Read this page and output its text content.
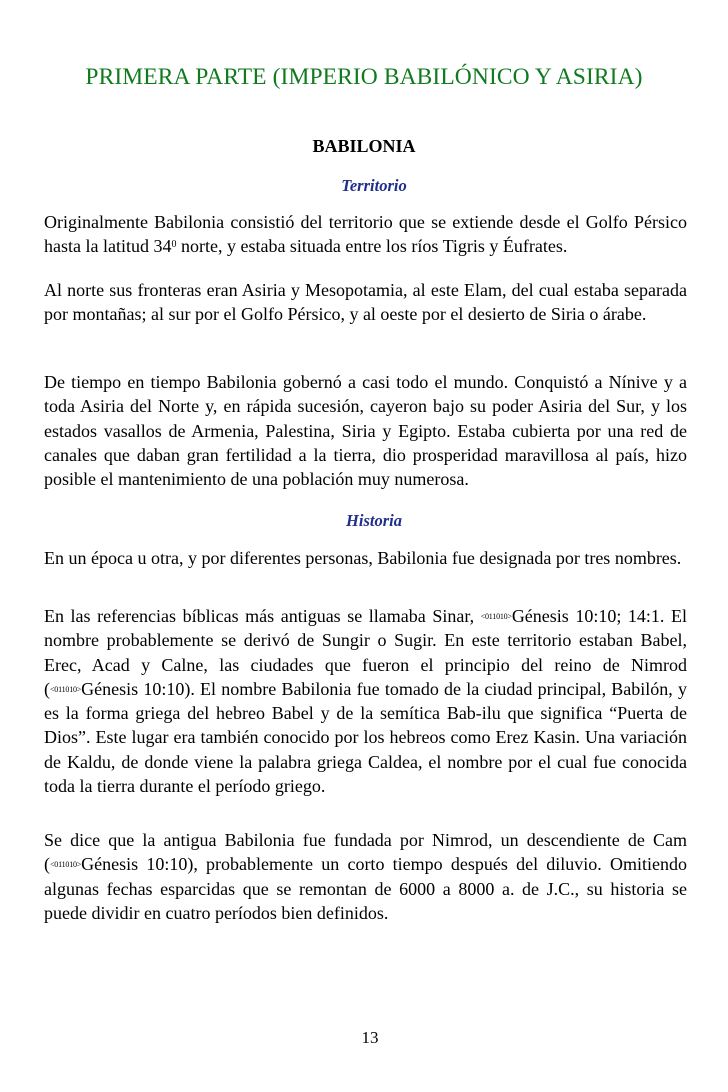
PRIMERA PARTE (IMPERIO BABILÓNICO Y ASIRIA)
BABILONIA
Territorio

Originalmente Babilonia consistió del territorio que se extiende desde el Golfo Pérsico hasta la latitud $34^0$ norte, y estaba situada entre los ríos Tigris y Éufrates.

Al norte sus fronteras eran Asiria y Mesopotamia, al este Elam, del cual estaba separada por montañas; al sur por el Golfo Pérsico, y al oeste por el desierto de Siria o árabe.

De tiempo en tiempo Babilonia gobernó a casi todo el mundo. Conquistó a Nínive y a toda Asiria del Norte y, en rápida sucesión, cayeron bajo su poder Asiria del Sur, y los estados vasallos de Armenia, Palestina, Siria y Egipto. Estaba cubierta por una red de canales que daban gran fertilidad a la tierra, dio prosperidad maravillosa al país, hizo posible el mantenimiento de una población muy numerosa.

Historia

En un época u otra, y por diferentes personas, Babilonia fue designada por tres nombres.

En las referencias bíblicas más antiguas se llamaba Sinar, $^{<011010>}$Génesis 10:10; 14:1. El nombre probablemente se derivó de Sungir o Sugir. En este territorio estaban Babel, Erec, Acad y Calne, las ciudades que fueron el principio del reino de Nimrod ($^{<011010>}$Génesis 10:10). El nombre Babilonia fue tomado de la ciudad principal, Babilón, y es la forma griega del hebreo Babel y de la semítica Bab-ilu que significa “Puerta de Dios”. Este lugar era también conocido por los hebreos como Erez Kasin. Una variación de Kaldu, de donde viene la palabra griega Caldea, el nombre por el cual fue conocida toda la tierra durante el período griego.

Se dice que la antigua Babilonia fue fundada por Nimrod, un descendiente de Cam ($^{<011010>}$Génesis 10:10), probablemente un corto tiempo después del diluvio. Omitiendo algunas fechas esparcidas que se remontan de 6000 a 8000 a. de J.C., su historia se puede dividir en cuatro períodos bien definidos.

13
